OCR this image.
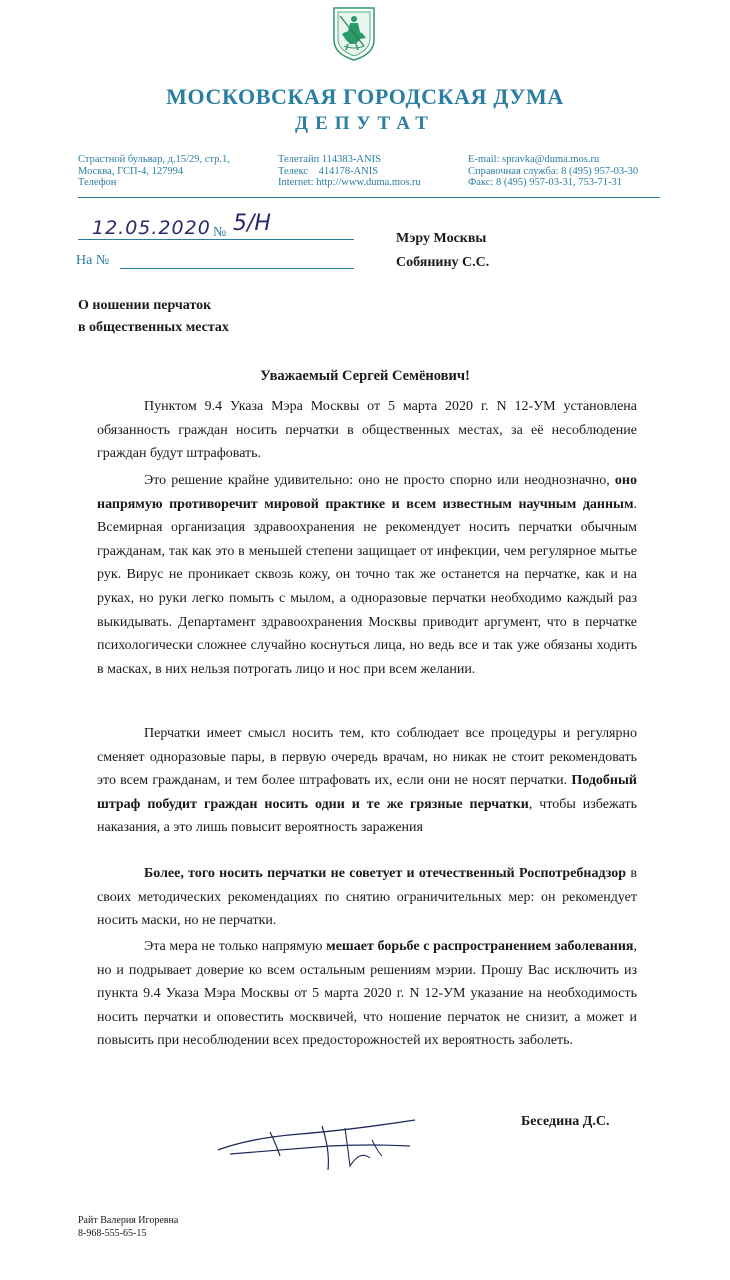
МОСКОВСКАЯ ГОРОДСКАЯ ДУМА
ДЕПУТАТ
Страстной бульвар, д.15/29, стр.1,
Москва, ГСП-4, 127994
Телефон
Телетайп 114383-ANIS
Телекс    414178-ANIS
Internet: http://www.duma.mos.ru
E-mail: spravka@duma.mos.ru
Справочная служба: 8 (495) 957-03-30
Факс: 8 (495) 957-03-31, 753-71-31
12.05.2020 № 5/Н
На №
Мэру Москвы
Собянину С.С.
О ношении перчаток
в общественных местах
Уважаемый Сергей Семёнович!

Пунктом 9.4 Указа Мэра Москвы от 5 марта 2020 г. N 12-УМ установлена обязанность граждан носить перчатки в общественных местах, за её несоблюдение граждан будут штрафовать.

Это решение крайне удивительно: оно не просто спорно или неоднозначно, оно напрямую противоречит мировой практике и всем известным научным данным. Всемирная организация здравоохранения не рекомендует носить перчатки обычным гражданам, так как это в меньшей степени защищает от инфекции, чем регулярное мытье рук. Вирус не проникает сквозь кожу, он точно так же останется на перчатке, как и на руках, но руки легко помыть с мылом, а одноразовые перчатки необходимо каждый раз выкидывать. Департамент здравоохранения Москвы приводит аргумент, что в перчатке психологически сложнее случайно коснуться лица, но ведь все и так уже обязаны ходить в масках, в них нельзя потрогать лицо и нос при всем желании.

Перчатки имеет смысл носить тем, кто соблюдает все процедуры и регулярно сменяет одноразовые пары, в первую очередь врачам, но никак не стоит рекомендовать это всем гражданам, и тем более штрафовать их, если они не носят перчатки. Подобный штраф побудит граждан носить одни и те же грязные перчатки, чтобы избежать наказания, а это лишь повысит вероятность заражения

Более, того носить перчатки не советует и отечественный Роспотребнадзор в своих методических рекомендациях по снятию ограничительных мер: он рекомендует носить маски, но не перчатки.

Эта мера не только напрямую мешает борьбе с распространением заболевания, но и подрывает доверие ко всем остальным решениям мэрии. Прошу Вас исключить из пункта 9.4 Указа Мэра Москвы от 5 марта 2020 г. N 12-УМ указание на необходимость носить перчатки и оповестить москвичей, что ношение перчаток не снизит, а может и повысить при несоблюдении всех предосторожностей их вероятность заболеть.

Беседина Д.С.
Райт Валерия Игоревна
8-968-555-65-15
